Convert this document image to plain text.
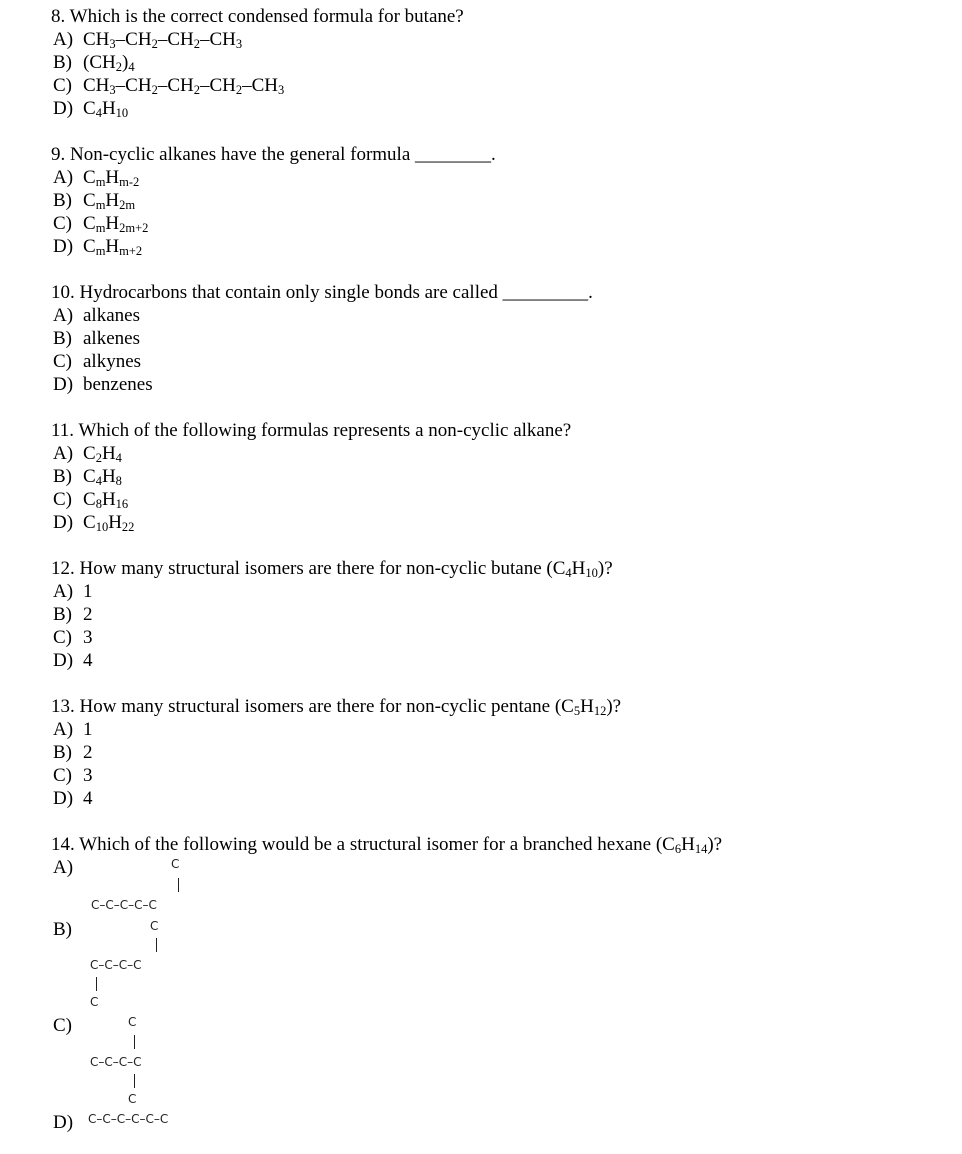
8. Which is the correct condensed formula for butane?
A) $CH_3-CH_2-CH_2-CH_3$
B) $(CH_2)_4$
C) $CH_3-CH_2-CH_2-CH_2-CH_3$
D) $C_4H_{10}$
9. Non-cyclic alkanes have the general formula ________.
A) $C_mH_{m-2}$
B) $C_mH_{2m}$
C) $C_mH_{2m+2}$
D) $C_mH_{m+2}$
10. Hydrocarbons that contain only single bonds are called _________.
A) alkanes
B) alkenes
C) alkynes
D) benzenes
11. Which of the following formulas represents a non-cyclic alkane?
A) $C_2H_4$
B) $C_4H_8$
C) $C_8H_{16}$
D) $C_{10}H_{22}$
12. How many structural isomers are there for non-cyclic butane $(C_4H_{10})$?
A) 1
B) 2
C) 3
D) 4
13. How many structural isomers are there for non-cyclic pentane $(C_5H_{12})$?
A) 1
B) 2
C) 3
D) 4
14. Which of the following would be a structural isomer for a branched hexane $(C_6H_{14})$?
A)	C
C–C–C–C–C
B)	C
C–C–C–C
C
C)	C
C–C–C–C
C
D) C–C–C–C–C–C
